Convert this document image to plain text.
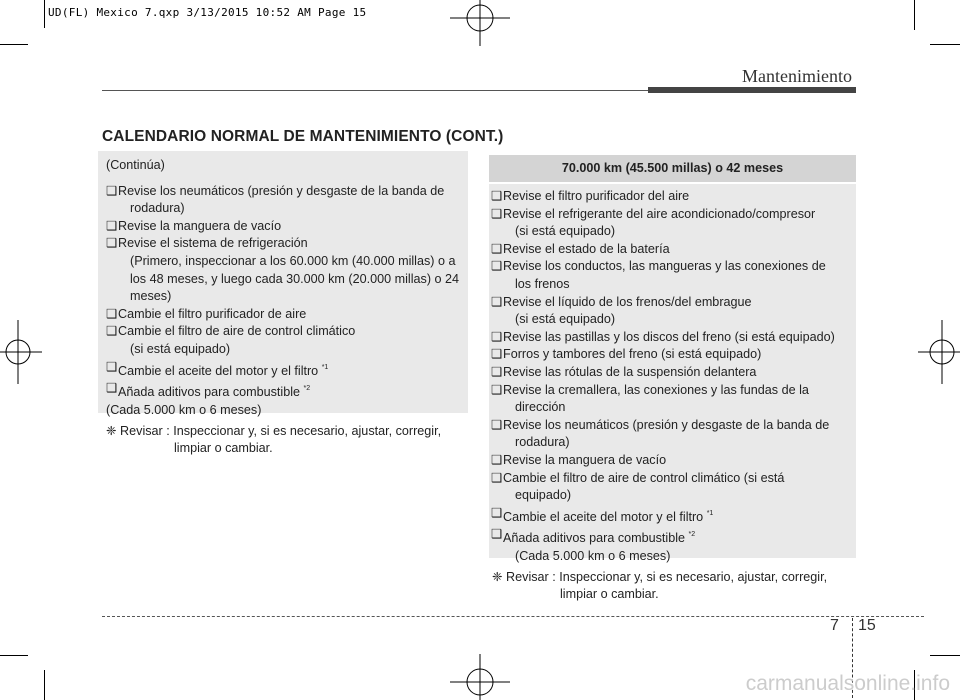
UD(FL) Mexico 7.qxp 3/13/2015 10:52 AM Page 15
Mantenimiento
CALENDARIO NORMAL DE MANTENIMIENTO (CONT.)
(Continúa)
❑ Revise los neumáticos (presión y desgaste de la banda de
rodadura)
❑ Revise la manguera de vacío
❑ Revise el sistema de refrigeración
(Primero, inspeccionar a los 60.000 km (40.000 millas) o a
los 48 meses, y luego cada 30.000 km (20.000 millas) o 24
meses)
❑ Cambie el filtro purificador de aire
❑ Cambie el filtro de aire de control climático
(si está equipado)
❑ Cambie el aceite del motor y el filtro $^{*1}$
❑ Añada aditivos para combustible $^{*2}$
(Cada 5.000 km o 6 meses)
❈ Revisar : Inspeccionar y, si es necesario, ajustar, corregir,
limpiar o cambiar.
70.000 km (45.500 millas) o 42 meses
❑ Revise el filtro purificador del aire
❑ Revise el refrigerante del aire acondicionado/compresor
(si está equipado)
❑ Revise el estado de la batería
❑ Revise los conductos, las mangueras y las conexiones de
los frenos
❑ Revise el líquido de los frenos/del embrague
(si está equipado)
❑ Revise las pastillas y los discos del freno (si está equipado)
❑ Forros y tambores del freno (si está equipado)
❑ Revise las rótulas de la suspensión delantera
❑ Revise la cremallera, las conexiones y las fundas de la
dirección
❑ Revise los neumáticos (presión y desgaste de la banda de
rodadura)
❑ Revise la manguera de vacío
❑ Cambie el filtro de aire de control climático (si está
equipado)
❑ Cambie el aceite del motor y el filtro $^{*1}$
❑ Añada aditivos para combustible $^{*2}$
(Cada 5.000 km o 6 meses)
❈ Revisar : Inspeccionar y, si es necesario, ajustar, corregir,
limpiar o cambiar.
7 15
carmanualsonline.info
